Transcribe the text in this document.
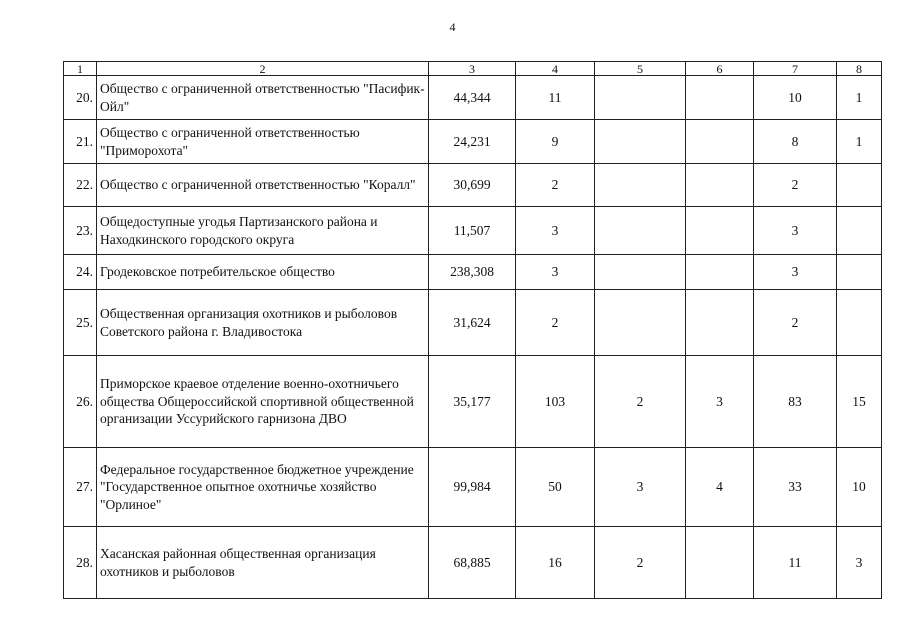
4
1	2	3	4	5	6	7	8
20.	Общество с ограниченной ответственностью "Пасифик-Ойл"	44,344	11			10	1
21.	Общество с ограниченной ответственностью "Приморохота"	24,231	9			8	1
22.	Общество с ограниченной ответственностью "Коралл"	30,699	2			2	
23.	Общедоступные угодья Партизанского района и Находкинского городского округа	11,507	3			3	
24.	Гродековское потребительское общество	238,308	3			3	
25.	Общественная организация охотников и рыболовов Советского района г. Владивостока	31,624	2			2	
26.	Приморское краевое отделение военно-охотничьего общества Общероссийской спортивной общественной организации Уссурийского гарнизона ДВО	35,177	103	2	3	83	15
27.	Федеральное государственное бюджетное учреждение "Государственное опытное охотничье хозяйство "Орлиное"	99,984	50	3	4	33	10
28.	Хасанская районная общественная организация охотников и рыболовов	68,885	16	2		11	3
